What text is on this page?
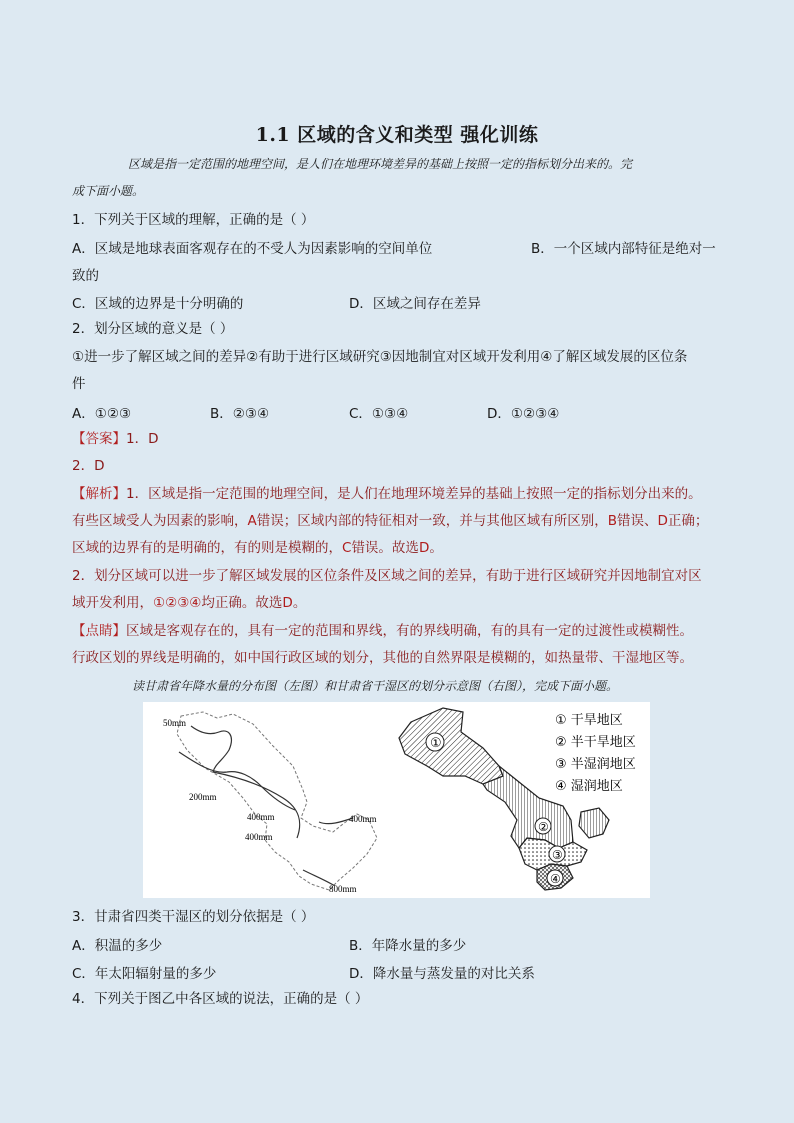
1.1 区域的含义和类型 强化训练
区域是指一定范围的地理空间，是人们在地理环境差异的基础上按照一定的指标划分出来的。完
成下面小题。
1．下列关于区域的理解，正确的是（ ）
A．区域是地球表面客观存在的不受人为因素影响的空间单位	B．一个区域内部特征是绝对一
致的
C．区域的边界是十分明确的	D．区域之间存在差异
2．划分区域的意义是（ ）
①进一步了解区域之间的差异②有助于进行区域研究③因地制宜对区域开发利用④了解区域发展的区位条
件
A．①②③	B．②③④	C．①③④	D．①②③④
【答案】1．D
2．D
【解析】1．区域是指一定范围的地理空间，是人们在地理环境差异的基础上按照一定的指标划分出来的。
有些区域受人为因素的影响，A错误；区域内部的特征相对一致，并与其他区域有所区别，B错误、D正确；
区域的边界有的是明确的，有的则是模糊的，C错误。故选D。
2．划分区域可以进一步了解区域发展的区位条件及区域之间的差异，有助于进行区域研究并因地制宜对区
域开发利用，①②③④均正确。故选D。
【点睛】区域是客观存在的，具有一定的范围和界线，有的界线明确，有的具有一定的过渡性或模糊性。
行政区划的界线是明确的，如中国行政区域的划分，其他的自然界限是模糊的，如热量带、干湿地区等。
读甘肃省年降水量的分布图（左图）和甘肃省干湿区的划分示意图（右图），完成下面小题。
50mm
200mm
400mm
400mm
400mm
800mm
①
②
③
④
① 干旱地区
② 半干旱地区
③ 半湿润地区
④ 湿润地区
3．甘肃省四类干湿区的划分依据是（ ）
A．积温的多少	B．年降水量的多少
C．年太阳辐射量的多少	D．降水量与蒸发量的对比关系
4．下列关于图乙中各区域的说法，正确的是（ ）
